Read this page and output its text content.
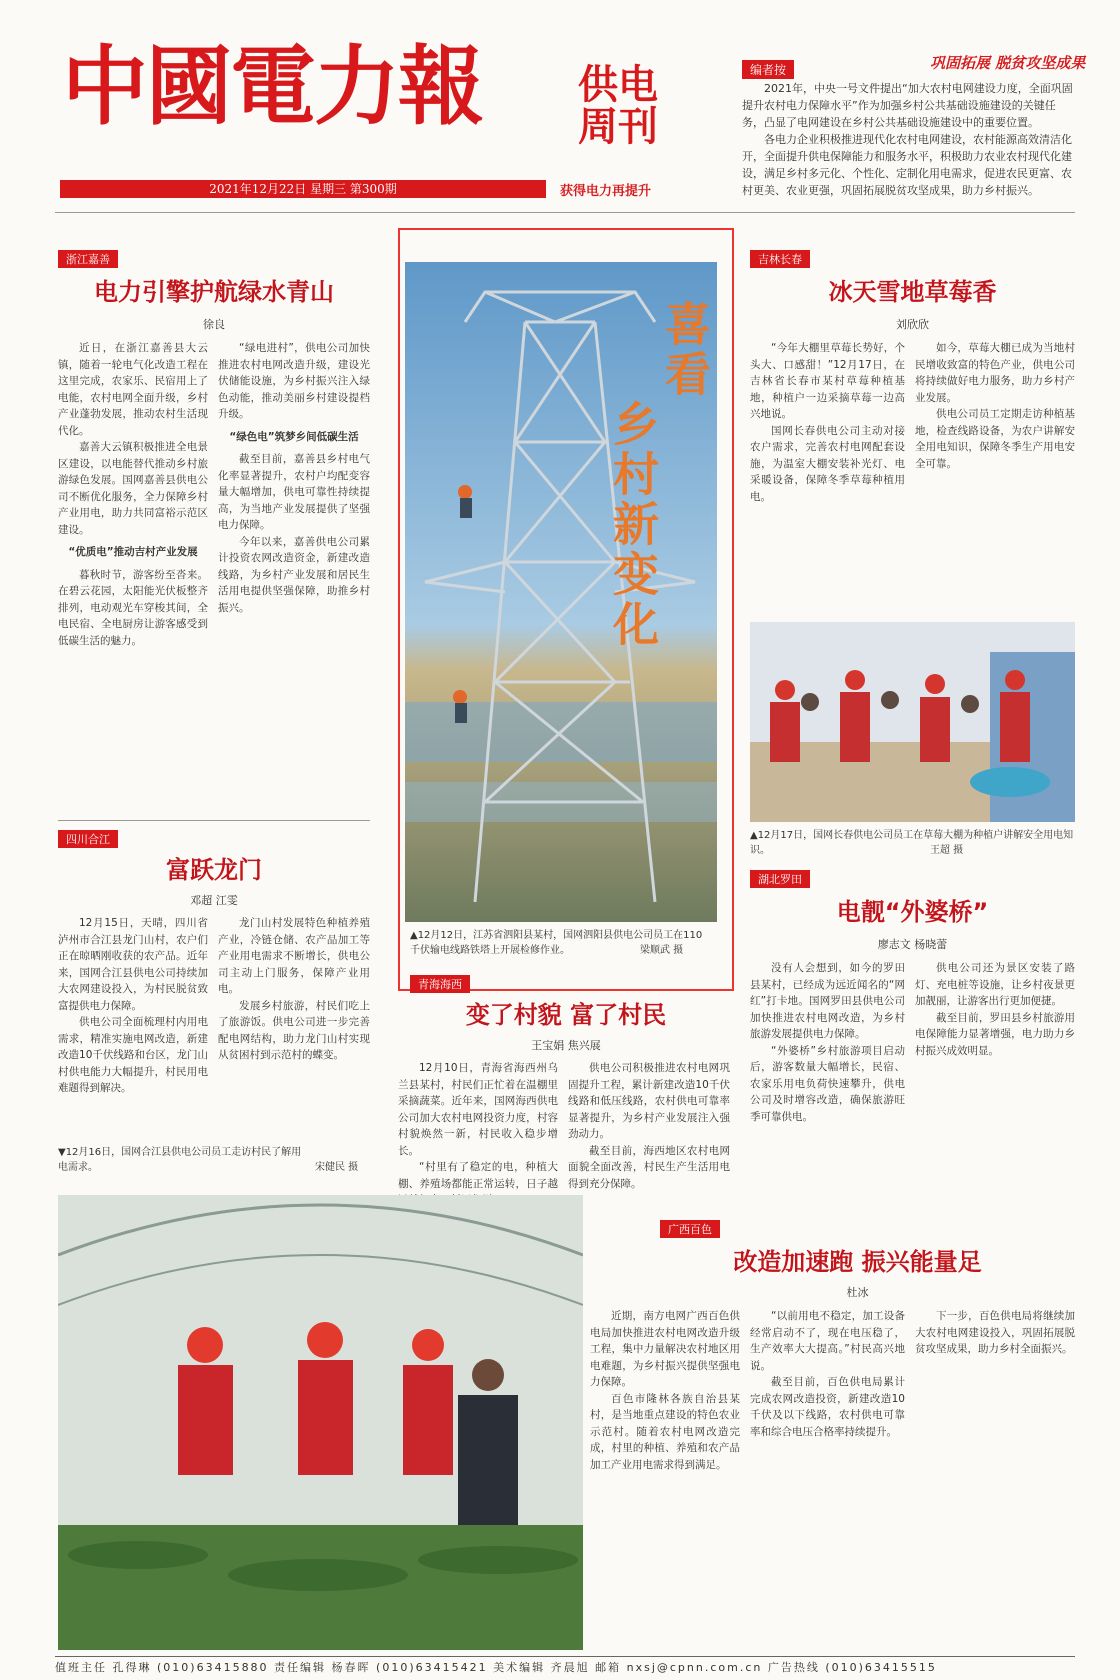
中國電力報 供电周刊
2021年12月22日 星期三 第300期	获得电力再提升
编者按	巩固拓展 脱贫攻坚成果
2021年，中央一号文件提出“加大农村电网建设力度，全面巩固提升农村电力保障水平”作为加强乡村公共基础设施建设的关键任务，凸显了电网建设在乡村公共基础设施建设中的重要位置。
各电力企业积极推进现代化农村电网建设，农村能源高效清洁化开，全面提升供电保障能力和服务水平，积极助力农业农村现代化建设，满足乡村多元化、个性化、定制化用电需求，促进农民更富、农村更美、农业更强，巩固拓展脱贫攻坚成果，助力乡村振兴。
浙江嘉善
电力引擎护航绿水青山
徐良

近日，在浙江嘉善县大云镇，随着一轮电气化改造工程在这里完成，农家乐、民宿用上了电能，农村电网全面升级，乡村产业蓬勃发展，推动农村生活现代化。

嘉善大云镇积极推进全电景区建设，以电能替代推动乡村旅游绿色发展。国网嘉善县供电公司不断优化服务，全力保障乡村产业用电，助力共同富裕示范区建设。

“优质电”推动吉村产业发展

暮秋时节，游客纷至沓来。在碧云花园，太阳能光伏板整齐排列，电动观光车穿梭其间，全电民宿、全电厨房让游客感受到低碳生活的魅力。

“绿电进村”，供电公司加快推进农村电网改造升级，建设光伏储能设施，为乡村振兴注入绿色动能，推动美丽乡村建设提档升级。

“绿色电”筑梦乡间低碳生活

截至目前，嘉善县乡村电气化率显著提升，农村户均配变容量大幅增加，供电可靠性持续提高，为当地产业发展提供了坚强电力保障。

今年以来，嘉善供电公司累计投资农网改造资金，新建改造线路，为乡村产业发展和居民生活用电提供坚强保障，助推乡村振兴。

四川合江
富跃龙门
邓超 江雯

12月15日，天晴，四川省泸州市合江县龙门山村，农户们正在晾晒刚收获的农产品。近年来，国网合江县供电公司持续加大农网建设投入，为村民脱贫致富提供电力保障。

供电公司全面梳理村内用电需求，精准实施电网改造，新建改造10千伏线路和台区，龙门山村供电能力大幅提升，村民用电难题得到解决。

龙门山村发展特色种植养殖产业，冷链仓储、农产品加工等产业用电需求不断增长，供电公司主动上门服务，保障产业用电。

发展乡村旅游，村民们吃上了旅游饭。供电公司进一步完善配电网结构，助力龙门山村实现从贫困村到示范村的蝶变。

▼12月16日，国网合江县供电公司员工走访村民了解用电需求。	宋健民 摄
喜看
乡村新变化
▲12月12日，江苏省泗阳县某村，国网泗阳县供电公司员工在110千伏输电线路铁塔上开展检修作业。	梁顺武 摄
青海海西
变了村貌 富了村民
王宝娟 焦兴展

12月10日，青海省海西州乌兰县某村，村民们正忙着在温棚里采摘蔬菜。近年来，国网海西供电公司加大农村电网投资力度，村容村貌焕然一新，村民收入稳步增长。

“村里有了稳定的电，种植大棚、养殖场都能正常运转，日子越

供电公司积极推进农村电网巩固提升工程，累计新建改造10千伏线路和低压线路，农村供电可靠率显著提升，为乡村产业发展注入强劲动力。

截至目前，海西地区农村电网面貌全面改善，村民生产生活用电得到充分保障。

吉林长春
冰天雪地草莓香
刘欣欣

“今年大棚里草莓长势好，个头大、口感甜！”12月17日，在吉林省长春市某村草莓种植基地，种植户一边采摘草莓一边高兴地说。

国网长春供电公司主动对接农户需求，完善农村电网配套设施，为温室大棚安装补光灯、电采暖设备，保障冬季草莓种植用电。

如今，草莓大棚已成为当地村民增收致富的特色产业，供电公司将持续做好电力服务，助力乡村产业发展。

供电公司员工定期走访种植基地，检查线路设备，为农户讲解安全用电知识，保障冬季生产用电安全可靠。

▲12月17日，国网长春供电公司员工在草莓大棚为种植户讲解安全用电知识。	王超 摄
湖北罗田
电靓“外婆桥”
廖志文 杨晓蕾

没有人会想到，如今的罗田县某村，已经成为远近闻名的“网红”打卡地。国网罗田县供电公司加快推进农村电网改造，为乡村旅游发展提供电力保障。

“外婆桥”乡村旅游项目启动后，游客数量大幅增长，民宿、农家乐用电负荷快速攀升，供电公司及时增容改造，确保旅游旺季可靠供电。

供电公司还为景区安装了路灯、充电桩等设施，让乡村夜景更加靓丽，让游客出行更加便捷。

截至目前，罗田县乡村旅游用电保障能力显著增强，电力助力乡村振兴成效明显。

广西百色
改造加速跑 振兴能量足
杜冰

近期，南方电网广西百色供电局加快推进农村电网改造升级工程，集中力量解决农村地区用电难题，为乡村振兴提供坚强电力保障。

百色市隆林各族自治县某村，是当地重点建设的特色农业示范村。随着农村电网改造完成，村里的种植、养殖和农产品加工产业用电需求得到满足。

“以前用电不稳定，加工设备经常启动不了，现在电压稳了，生产效率大大提高。”村民高兴地说。

截至目前，百色供电局累计完成农网改造投资，新建改造10千伏及以下线路，农村供电可靠率和综合电压合格率持续提升。

下一步，百色供电局将继续加大农村电网建设投入，巩固拓展脱贫攻坚成果，助力乡村全面振兴。

值班主任 孔得琳 (010)63415880 责任编辑 杨春晖 (010)63415421 美术编辑 齐晨旭 邮箱 nxsj@cpnn.com.cn 广告热线 (010)63415515
